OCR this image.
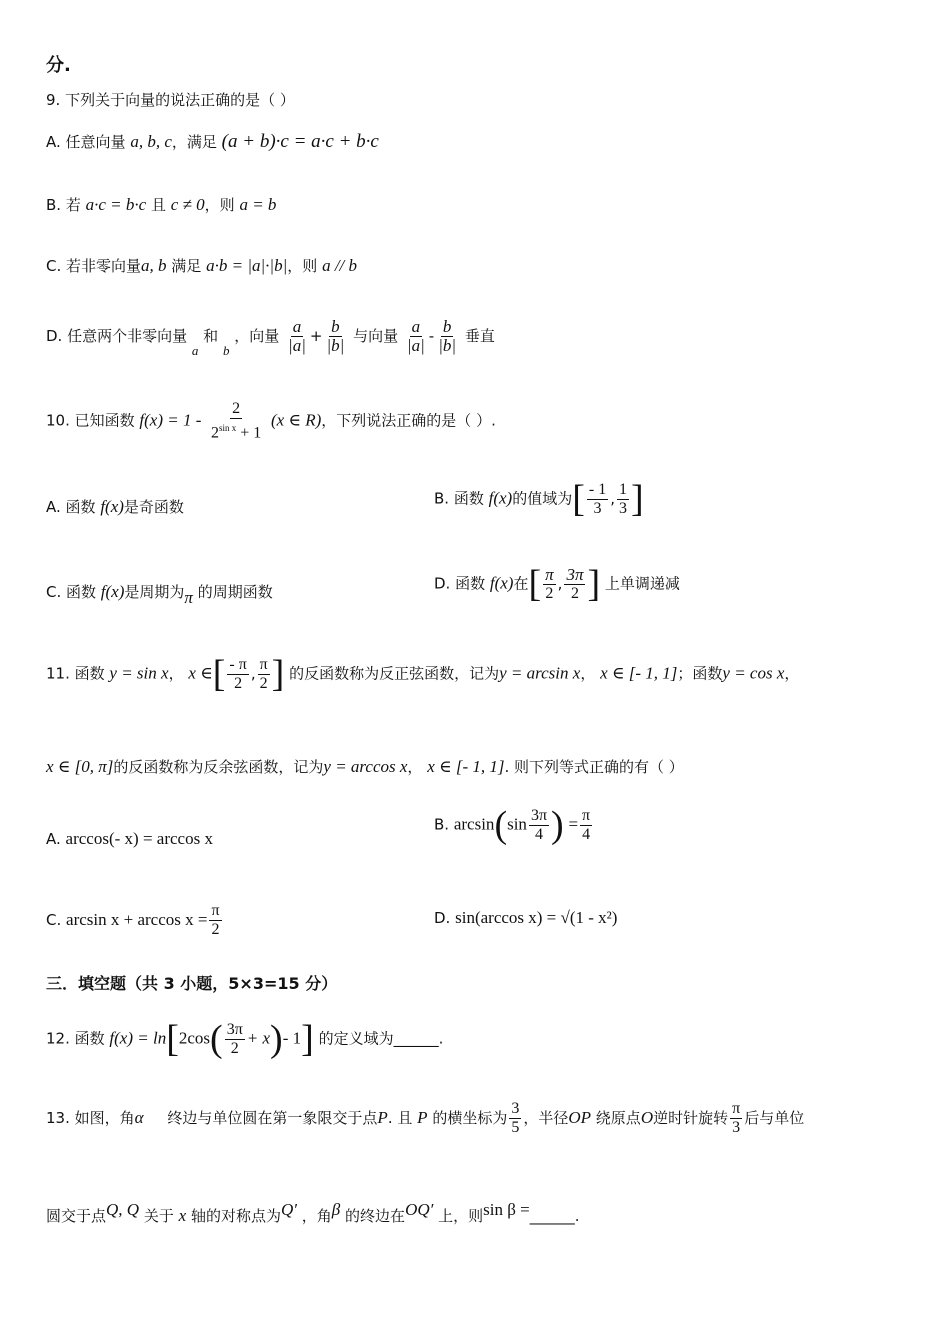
分.
9. 下列关于向量的说法正确的是（ ）
A. 任意向量 a, b, c，满足 (a + b)·c = a·c + b·c
B. 若 a·c = b·c 且 c ≠ 0，则 a = b
C. 若非零向量a, b 满足 a·b = |a|·|b|，则 a // b
D. 任意两个非零向量 a 和 b ，向量 $\frac{a}{|a|} + \frac{b}{|b|}$ 与向量 $\frac{a}{|a|} - \frac{b}{|b|}$ 垂直
10. 已知函数 $f(x) = 1 - \frac{2}{2^{sin x} + 1} (x$ ∈ R)，下列说法正确的是（ ）.
A. 函数 f(x)是奇函数	B. 函数 f(x)的值域为[ $\frac{- 1}{3}$ , $\frac{1}{3}$ ]
C. 函数 f(x)是周期为π 的周期函数	D. 函数 f(x)在[ $\frac{\pi}{2}$ , $\frac{3\pi}{2}$ ] 上单调递减
11. 函数 y = sin x， x ∈[ $\frac{- \pi}{2}$ , $\frac{\pi}{2}$ ] 的反函数称为反正弦函数，记为y = arcsin x， x ∈ [- 1, 1]；函数y = cos x，
x ∈ [0, π]的反函数称为反余弦函数，记为y = arccos x， x ∈ [- 1, 1]. 则下列等式正确的有（ ）
A. arccos(- x) = arccos x
B. $\arcsin(\sin \frac{3\pi}{4}$ ) = $\frac{\pi}{4}$
C. $\arcsin x + \arccos x = \frac{\pi}{2}$	D. sin(arccos x) = √(1 - x²)
三．填空题（共 3 小题，5×3=15 分）
12. 函数 $f(x) = \ln[2\cos( \frac{3\pi}{2} + x)-$ 1] 的定义域为______.
13. 如图，角α 终边与单位圆在第一象限交于点P. 且 P 的横坐标为 $\frac{3}{5}$ ，半径OP 绕原点O逆时针旋转 $\frac{\pi}{3}$ 后与单位
圆交于点Q, Q 关于 x 轴的对称点为Q′ ，角β 的终边在OQ′ 上，则sin β =______.
